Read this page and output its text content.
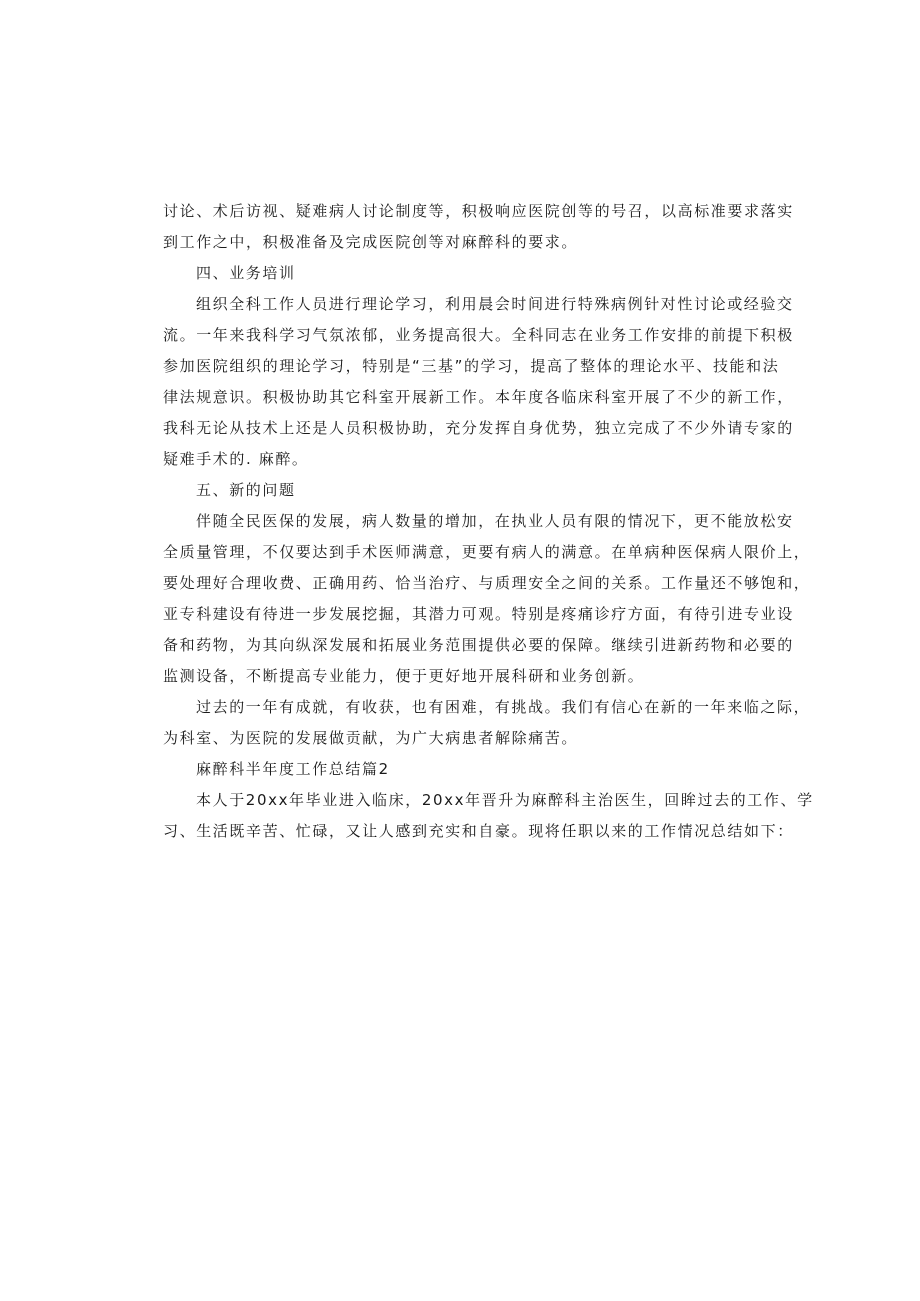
讨论、术后访视、疑难病人讨论制度等，积极响应医院创等的号召，以高标准要求落实
到工作之中，积极准备及完成医院创等对麻醉科的要求。
四、业务培训
组织全科工作人员进行理论学习，利用晨会时间进行特殊病例针对性讨论或经验交
流。一年来我科学习气氛浓郁，业务提高很大。全科同志在业务工作安排的前提下积极
参加医院组织的理论学习，特别是“三基”的学习，提高了整体的理论水平、技能和法
律法规意识。积极协助其它科室开展新工作。本年度各临床科室开展了不少的新工作，
我科无论从技术上还是人员积极协助，充分发挥自身优势，独立完成了不少外请专家的
疑难手术的. 麻醉。
五、新的问题
伴随全民医保的发展，病人数量的增加，在执业人员有限的情况下，更不能放松安
全质量管理，不仅要达到手术医师满意，更要有病人的满意。在单病种医保病人限价上，
要处理好合理收费、正确用药、恰当治疗、与质理安全之间的关系。工作量还不够饱和，
亚专科建设有待进一步发展挖掘，其潜力可观。特别是疼痛诊疗方面，有待引进专业设
备和药物，为其向纵深发展和拓展业务范围提供必要的保障。继续引进新药物和必要的
监测设备，不断提高专业能力，便于更好地开展科研和业务创新。
过去的一年有成就，有收获，也有困难，有挑战。我们有信心在新的一年来临之际，
为科室、为医院的发展做贡献，为广大病患者解除痛苦。
麻醉科半年度工作总结篇2
本人于20xx年毕业进入临床，20xx年晋升为麻醉科主治医生，回眸过去的工作、学
习、生活既辛苦、忙碌，又让人感到充实和自豪。现将任职以来的工作情况总结如下：
